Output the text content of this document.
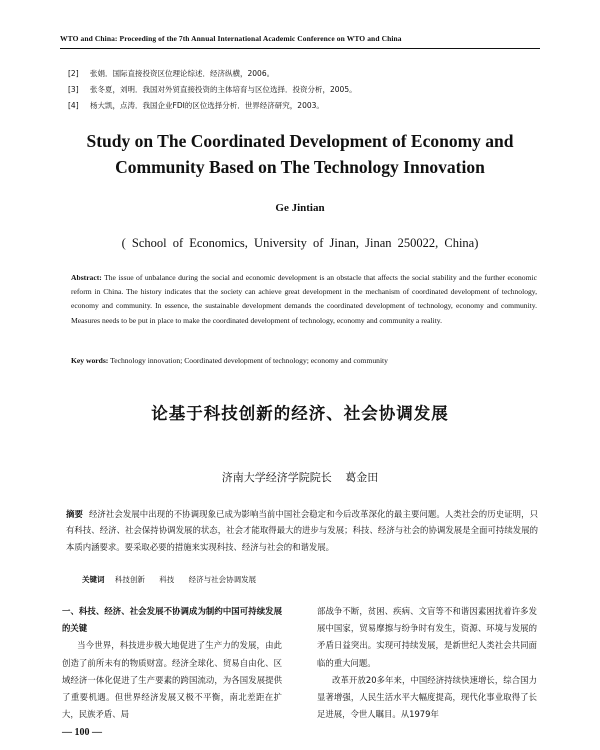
WTO and China: Proceeding of the 7th Annual International Academic Conference on WTO and China
[2] 张娟．国际直接投资区位理论综述．经济纵横，2006。
[3] 张冬夏，刘明．我国对外贸直接投资的主体培育与区位选择．投资分析，2005。
[4] 杨大凯，点涛．我国企业FDI的区位选择分析．世界经济研究，2003。
Study on The Coordinated Development of Economy and
Community Based on The Technology Innovation
Ge Jintian
( School of Economics, University of Jinan, Jinan 250022, China)
Abstract: The issue of unbalance during the social and economic development is an obstacle that affects the social stability and the further economic reform in China. The history indicates that the society can achieve great development in the mechanism of coordinated development of technology, economy and community. In essence, the sustainable development demands the coordinated development of technology, economy and community. Measures needs to be put in place to make the coordinated development of technology, economy and community a reality.
Key words: Technology innovation; Coordinated development of technology; economy and community
论基于科技创新的经济、社会协调发展
济南大学经济学院院长 葛金田
摘要 经济社会发展中出现的不协调现象已成为影响当前中国社会稳定和今后改革深化的最主要问题。人类社会的历史证明，只有科技、经济、社会保持协调发展的状态，社会才能取得最大的进步与发展；科技、经济与社会的协调发展是全面可持续发展的本质内涵要求。要采取必要的措施来实现科技、经济与社会的和谐发展。
关键词 科技创新 科技 经济与社会协调发展

一、科技、经济、社会发展不协调成为制约中国可持续发展的关键

当今世界，科技进步极大地促进了生产力的发展，由此创造了前所未有的物质财富。经济全球化、贸易自由化、区域经济一体化促进了生产要素的跨国流动，为各国发展提供了重要机遇。但世界经济发展又极不平衡，南北差距在扩大，民族矛盾、局

部战争不断，贫困、疾病、文盲等不和谐因素困扰着许多发展中国家，贸易摩擦与纷争时有发生，资源、环境与发展的矛盾日益突出。实现可持续发展，是新世纪人类社会共同面临的重大问题。

改革开放20多年来，中国经济持续快速增长，综合国力显著增强，人民生活水平大幅度提高，现代化事业取得了长足进展，令世人瞩目。从1979年

— 100 —
